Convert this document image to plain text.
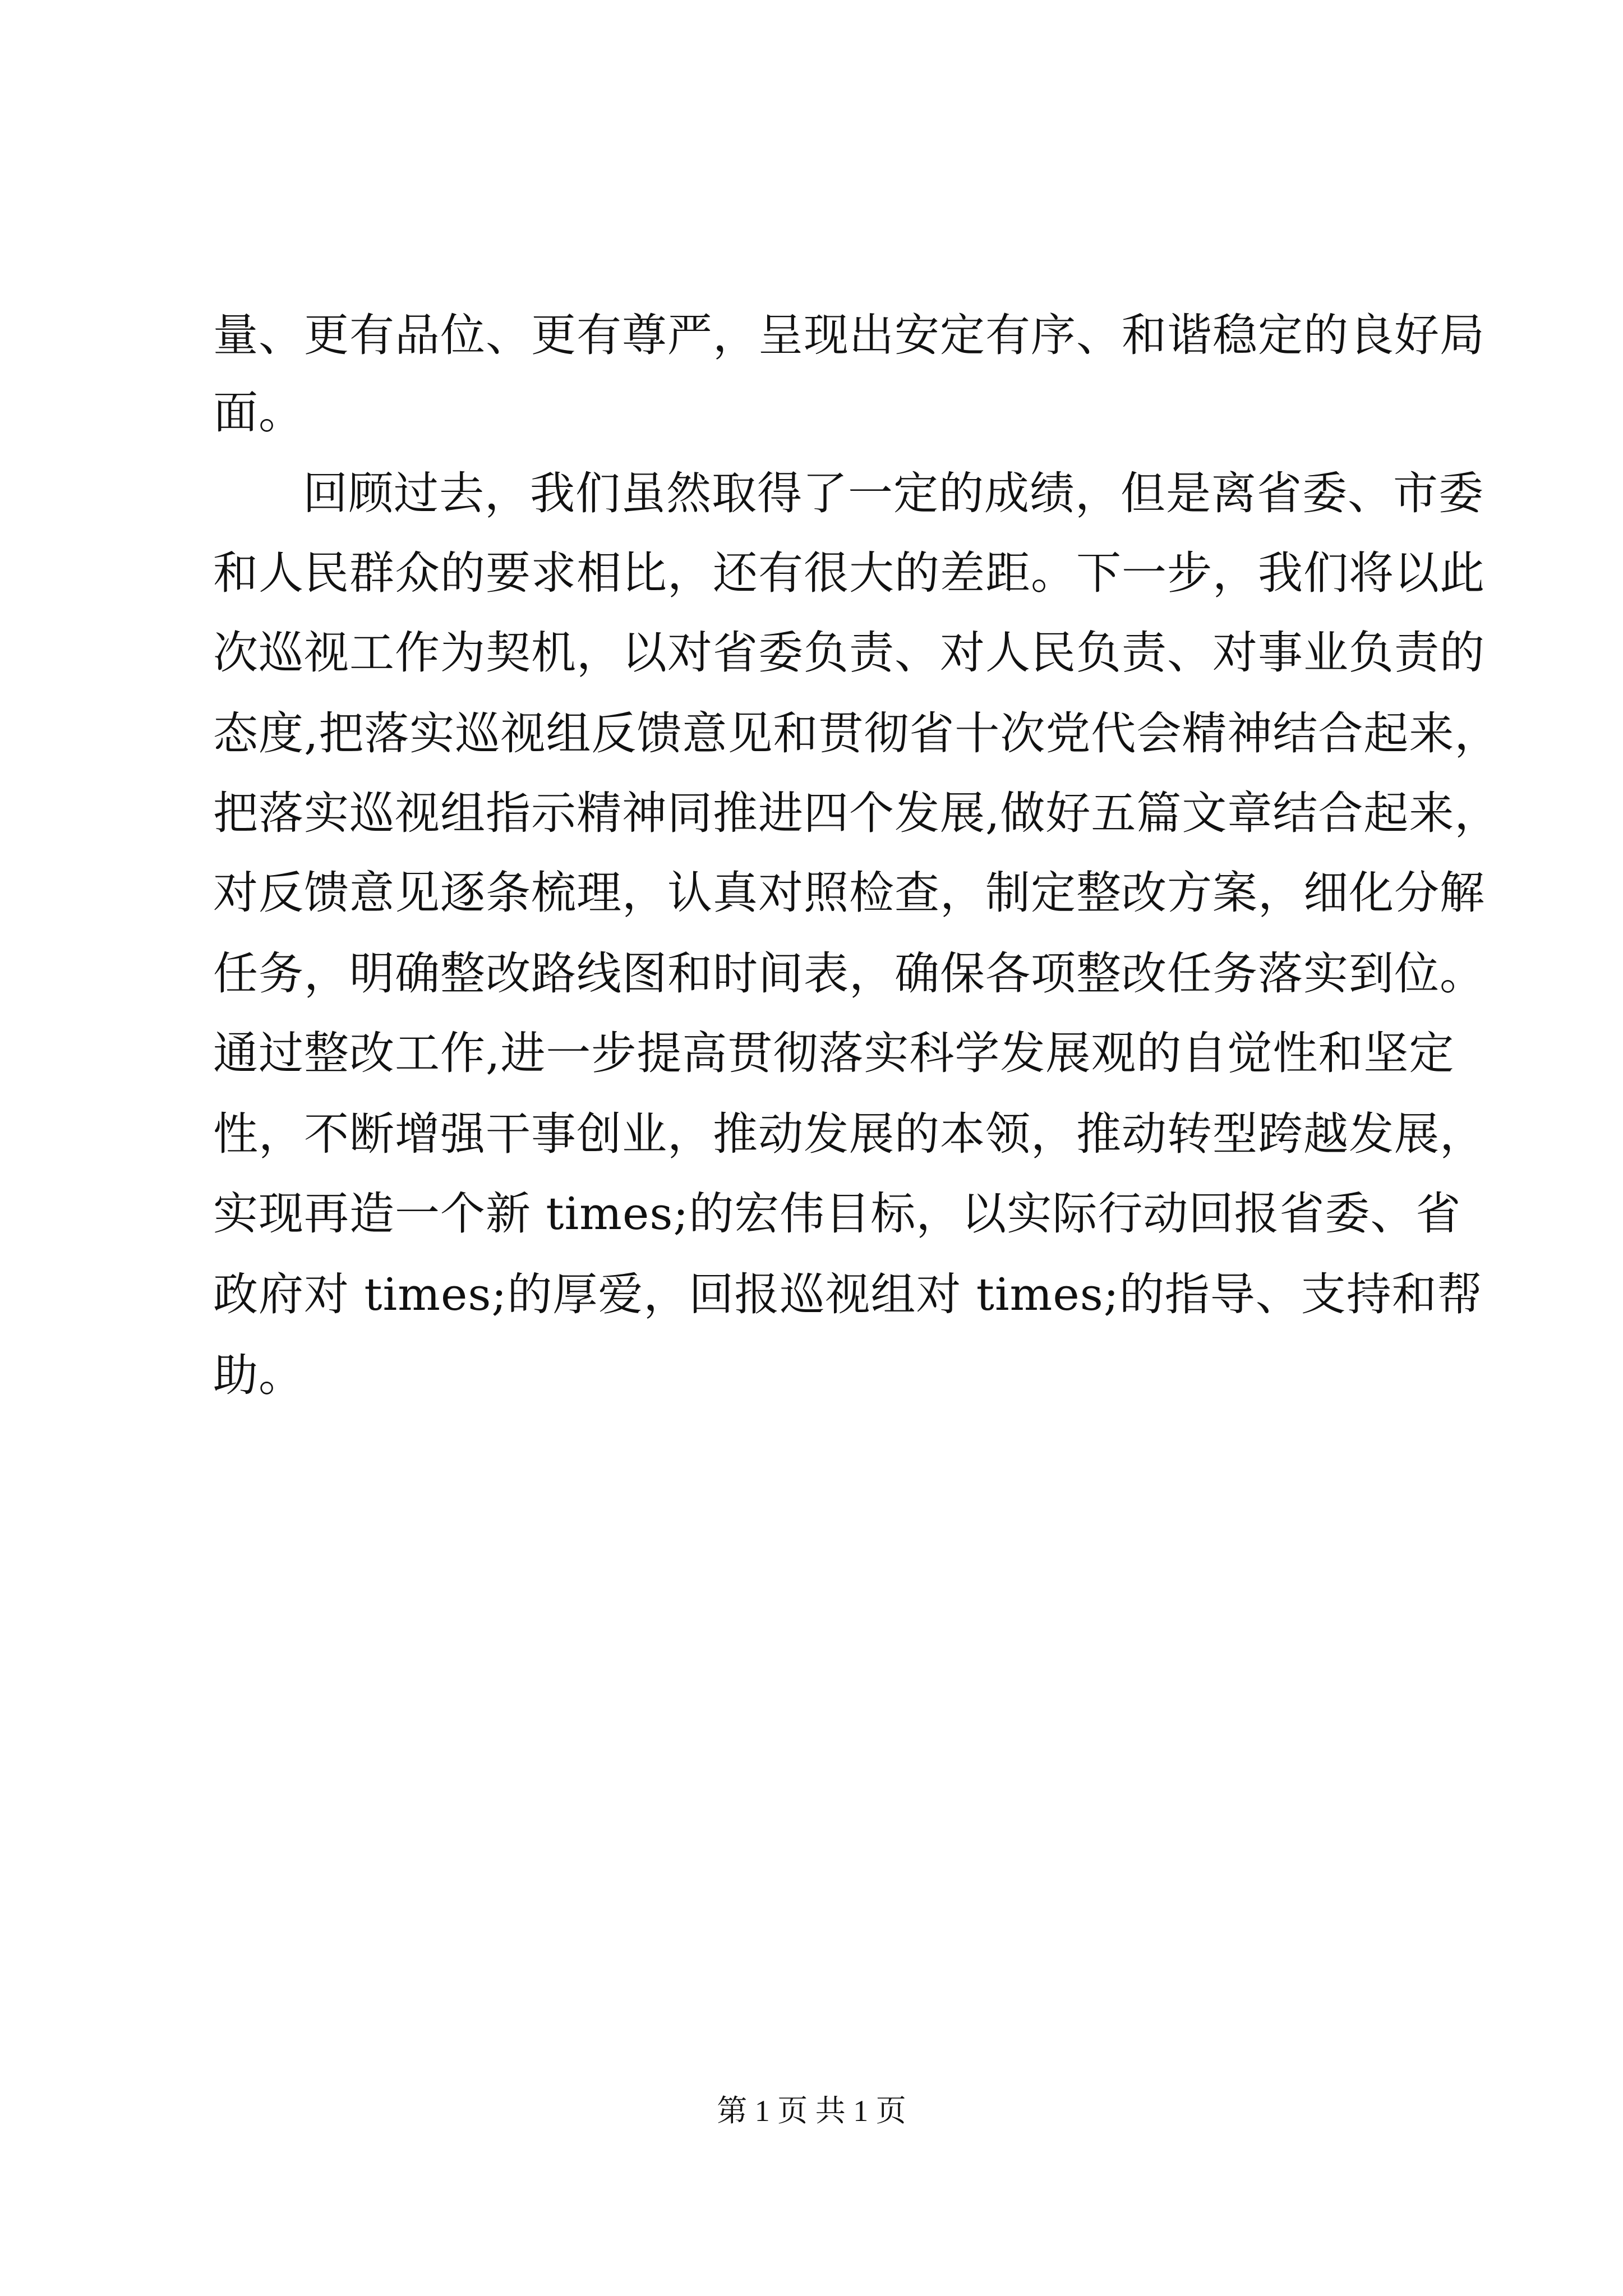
量、更有品位、更有尊严，呈现出安定有序、和谐稳定的良好局
面。
回顾过去，我们虽然取得了一定的成绩，但是离省委、市委
和人民群众的要求相比，还有很大的差距。下一步，我们将以此
次巡视工作为契机，以对省委负责、对人民负责、对事业负责的
态度,把落实巡视组反馈意见和贯彻省十次党代会精神结合起来，
把落实巡视组指示精神同推进四个发展,做好五篇文章结合起来，
对反馈意见逐条梳理，认真对照检查，制定整改方案，细化分解
任务，明确整改路线图和时间表，确保各项整改任务落实到位。
通过整改工作,进一步提高贯彻落实科学发展观的自觉性和坚定
性，不断增强干事创业，推动发展的本领，推动转型跨越发展，
实现再造一个新 times;的宏伟目标，以实际行动回报省委、省
政府对 times;的厚爱，回报巡视组对 times;的指导、支持和帮
助。
第 1 页 共 1 页
